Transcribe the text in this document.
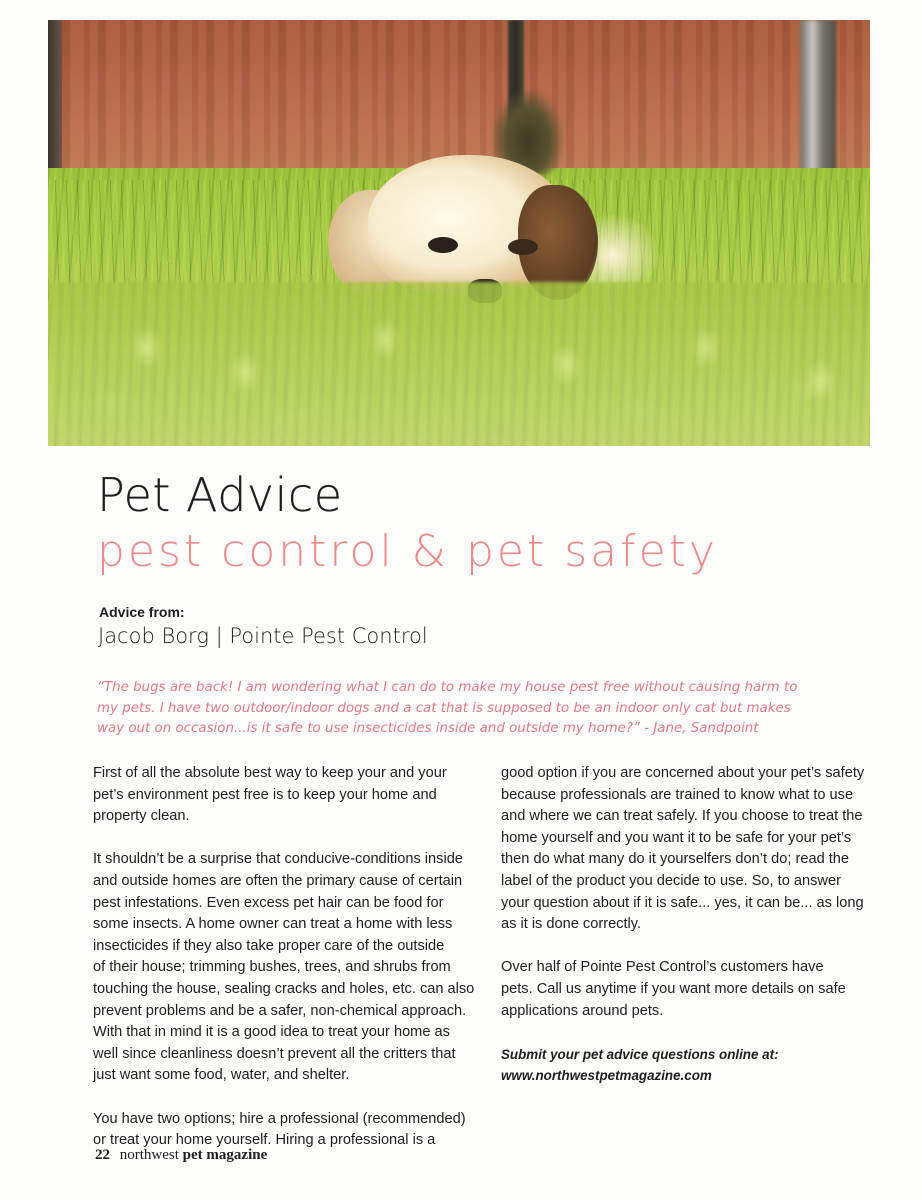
Pet Advice
pest control & pet safety
Advice from:
Jacob Borg | Pointe Pest Control
“The bugs are back! I am wondering what I can do to make my house pest free without causing harm to
my pets. I have two outdoor/indoor dogs and a cat that is supposed to be an indoor only cat but makes
way out on occasion...is it safe to use insecticides inside and outside my home?” - Jane, Sandpoint

First of all the absolute best way to keep your and your
pet’s environment pest free is to keep your home and
property clean.

It shouldn’t be a surprise that conducive-conditions inside
and outside homes are often the primary cause of certain
pest infestations. Even excess pet hair can be food for
some insects. A home owner can treat a home with less
insecticides if they also take proper care of the outside
of their house; trimming bushes, trees, and shrubs from
touching the house, sealing cracks and holes, etc. can also
prevent problems and be a safer, non-chemical approach.
With that in mind it is a good idea to treat your home as
well since cleanliness doesn’t prevent all the critters that
just want some food, water, and shelter.

You have two options; hire a professional (recommended)
or treat your home yourself. Hiring a professional is a

good option if you are concerned about your pet’s safety
because professionals are trained to know what to use
and where we can treat safely. If you choose to treat the
home yourself and you want it to be safe for your pet’s
then do what many do it yourselfers don’t do; read the
label of the product you decide to use. So, to answer
your question about if it is safe... yes, it can be... as long
as it is done correctly.

Over half of Pointe Pest Control’s customers have
pets. Call us anytime if you want more details on safe
applications around pets.

Submit your pet advice questions online at:
www.northwestpetmagazine.com

22 northwest pet magazine
